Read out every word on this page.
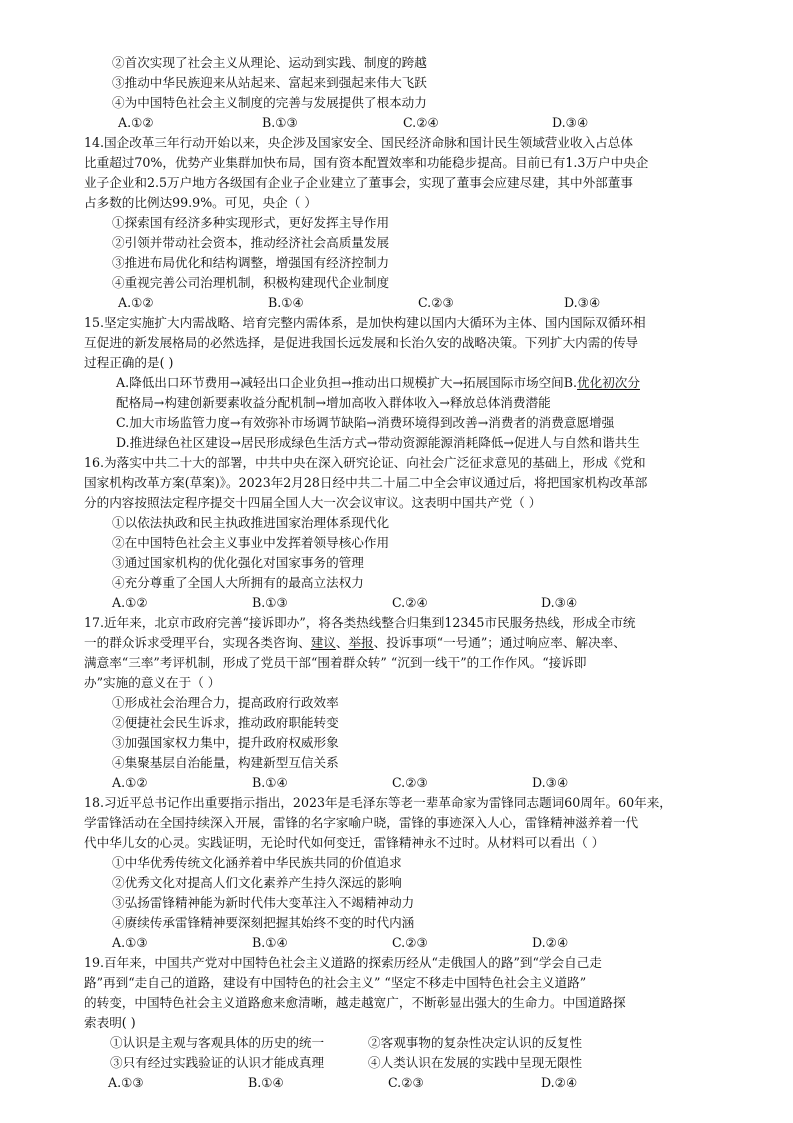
②首次实现了社会主义从理论、运动到实践、制度的跨越
③推动中华民族迎来从站起来、富起来到强起来伟大飞跃
④为中国特色社会主义制度的完善与发展提供了根本动力
A.①②	B.①③	C.②④	D.③④
14.国企改革三年行动开始以来，央企涉及国家安全、国民经济命脉和国计民生领域营业收入占总体
比重超过70%，优势产业集群加快布局，国有资本配置效率和功能稳步提高。目前已有1.3万户中央企
业子企业和2.5万户地方各级国有企业子企业建立了董事会，实现了董事会应建尽建，其中外部董事
占多数的比例达99.9%。可见，央企（ ）
①探索国有经济多种实现形式，更好发挥主导作用
②引领并带动社会资本，推动经济社会高质量发展
③推进布局优化和结构调整，增强国有经济控制力
④重视完善公司治理机制，积极构建现代企业制度
A.①②	B.①④	C.②③	D.③④
15.坚定实施扩大内需战略、培育完整内需体系，是加快构建以国内大循环为主体、国内国际双循环相
互促进的新发展格局的必然选择，是促进我国长远发展和长治久安的战略决策。下列扩大内需的传导
过程正确的是( )
A.降低出口环节费用→减轻出口企业负担→推动出口规模扩大→拓展国际市场空间B.优化初次分
配格局→构建创新要素收益分配机制→增加高收入群体收入→释放总体消费潜能
C.加大市场监管力度→有效弥补市场调节缺陷→消费环境得到改善→消费者的消费意愿增强
D.推进绿色社区建设→居民形成绿色生活方式→带动资源能源消耗降低→促进人与自然和谐共生
16.为落实中共二十大的部署，中共中央在深入研究论证、向社会广泛征求意见的基础上，形成《党和
国家机构改革方案(草案)》。2023年2月28日经中共二十届二中全会审议通过后，将把国家机构改革部
分的内容按照法定程序提交十四届全国人大一次会议审议。这表明中国共产党（ ）
①以依法执政和民主执政推进国家治理体系现代化
②在中国特色社会主义事业中发挥着领导核心作用
③通过国家机构的优化强化对国家事务的管理
④充分尊重了全国人大所拥有的最高立法权力
A.①②	B.①③	C.②④	D.③④
17.近年来，北京市政府完善“接诉即办”，将各类热线整合归集到12345市民服务热线，形成全市统
一的群众诉求受理平台，实现各类咨询、建议、举报、投诉事项“一号通”；通过响应率、解决率、
满意率“三率”考评机制，形成了党员干部“围着群众转” “沉到一线干”的工作作风。“接诉即
办”实施的意义在于（ ）
①形成社会治理合力，提高政府行政效率
②便捷社会民生诉求，推动政府职能转变
③加强国家权力集中，提升政府权威形象
④集聚基层自治能量，构建新型互信关系
A.①②	B.①④	C.②③	D.③④
18.习近平总书记作出重要指示指出，2023年是毛泽东等老一辈革命家为雷锋同志题词60周年。60年来，
学雷锋活动在全国持续深入开展，雷锋的名字家喻户晓，雷锋的事迹深入人心，雷锋精神滋养着一代
代中华儿女的心灵。实践证明，无论时代如何变迁，雷锋精神永不过时。从材料可以看出（ ）
①中华优秀传统文化涵养着中华民族共同的价值追求
②优秀文化对提高人们文化素养产生持久深远的影响
③弘扬雷锋精神能为新时代伟大变革注入不竭精神动力
④赓续传承雷锋精神要深刻把握其始终不变的时代内涵
A.①③	B.①④	C.②③	D.②④
19.百年来，中国共产党对中国特色社会主义道路的探索历经从“走俄国人的路”到“学会自己走
路”再到“走自己的道路，建设有中国特色的社会主义” “坚定不移走中国特色社会主义道路”
的转变，中国特色社会主义道路愈来愈清晰，越走越宽广，不断彰显出强大的生命力。中国道路探
索表明( )
①认识是主观与客观具体的历史的统一	②客观事物的复杂性决定认识的反复性
③只有经过实践验证的认识才能成真理	④人类认识在发展的实践中呈现无限性
A.①③	B.①④	C.②③	D.②④
